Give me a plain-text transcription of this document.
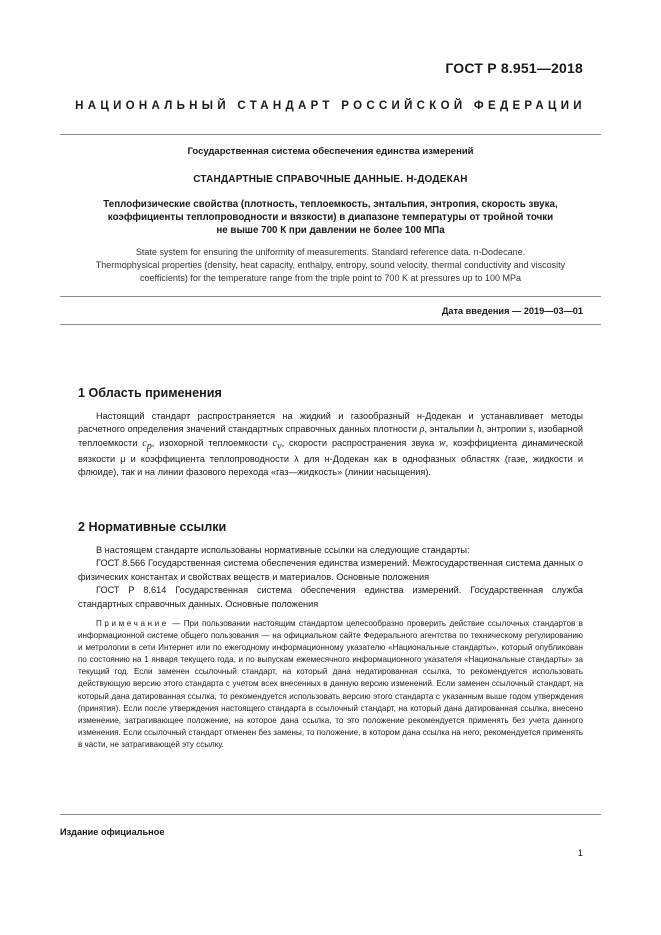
ГОСТ Р 8.951—2018
НАЦИОНАЛЬНЫЙ СТАНДАРТ РОССИЙСКОЙ ФЕДЕРАЦИИ
Государственная система обеспечения единства измерений
СТАНДАРТНЫЕ СПРАВОЧНЫЕ ДАННЫЕ. Н-ДОДЕКАН
Теплофизические свойства (плотность, теплоемкость, энтальпия, энтропия, скорость звука,
коэффициенты теплопроводности и вязкости) в диапазоне температуры от тройной точки
не выше 700 К при давлении не более 100 МПа
State system for ensuring the uniformity of measurements. Standard reference data. n-Dodecane.
Thermophysical properties (density, heat capacity, enthalpy, entropy, sound velocity, thermal conductivity and viscosity
coefficients) for the temperature range from the triple point to 700 K at pressures up to 100 MPa
Дата введения — 2019—03—01
1 Область применения

Настоящий стандарт распространяется на жидкий и газообразный н-Додекан и устанавливает методы расчетного определения значений стандартных справочных данных плотности ρ, энтальпии h, энтропии s, изобарной теплоемкости $c_p$, изохорной теплоемкости $c_v$, скорости распространения звука w, коэффициента динамической вязкости μ и коэффициента теплопроводности λ для н-Додекан как в однофазных областях (газе, жидкости и флюиде), так и на линии фазового перехода «газ—жидкость» (линии насыщения).

2 Нормативные ссылки

В настоящем стандарте использованы нормативные ссылки на следующие стандарты:

ГОСТ 8.566 Государственная система обеспечения единства измерений. Межгосударственная система данных о физических константах и свойствах веществ и материалов. Основные положения

ГОСТ Р 8.614 Государственная система обеспечения единства измерений. Государственная служба стандартных справочных данных. Основные положения

Примечание — При пользовании настоящим стандартом целесообразно проверить действие ссылочных стандартов в информационной системе общего пользования — на официальном сайте Федерального агентства по техническому регулированию и метрологии в сети Интернет или по ежегодному информационному указателю «Национальные стандарты», который опубликован по состоянию на 1 января текущего года, и по выпускам ежемесячного информационного указателя «Национальные стандарты» за текущий год. Если заменен ссылочный стандарт, на который дана недатированная ссылка, то рекомендуется использовать действующую версию этого стандарта с учетом всех внесенных в данную версию изменений. Если заменен ссылочный стандарт, на который дана датированная ссылка, то рекомендуется использовать версию этого стандарта с указанным выше годом утверждения (принятия). Если после утверждения настоящего стандарта в ссылочный стандарт, на который дана датированная ссылка, внесено изменение, затрагивающее положение, на которое дана ссылка, то это положение рекомендуется применять без учета данного изменения. Если ссылочный стандарт отменен без замены, то положение, в котором дана ссылка на него, рекомендуется применять в части, не затрагивающей эту ссылку.
Издание официальное
1
